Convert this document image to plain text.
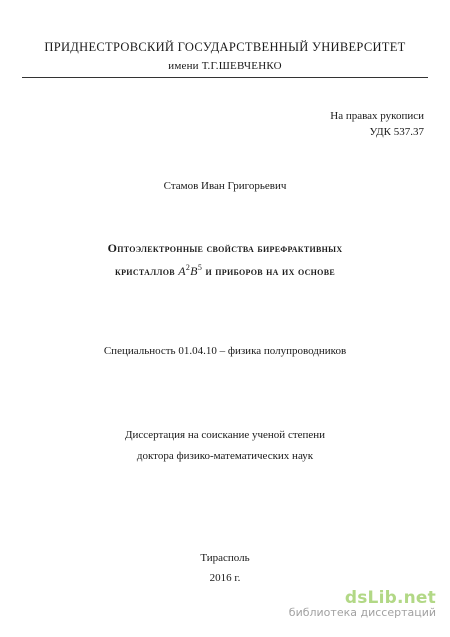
ПРИДНЕСТРОВСКИЙ ГОСУДАРСТВЕННЫЙ УНИВЕРСИТЕТ
имени Т.Г.ШЕВЧЕНКО
На правах рукописи
УДК 537.37
Стамов Иван Григорьевич
Оптоэлектронные свойства бирефрактивных
кристаллов $A^2B^5$ и приборов на их основе
Специальность 01.04.10 – физика полупроводников
Диссертация на соискание ученой степени
доктора физико-математических наук
Тирасполь
2016 г.
dsLib.net
библиотека диссертаций
